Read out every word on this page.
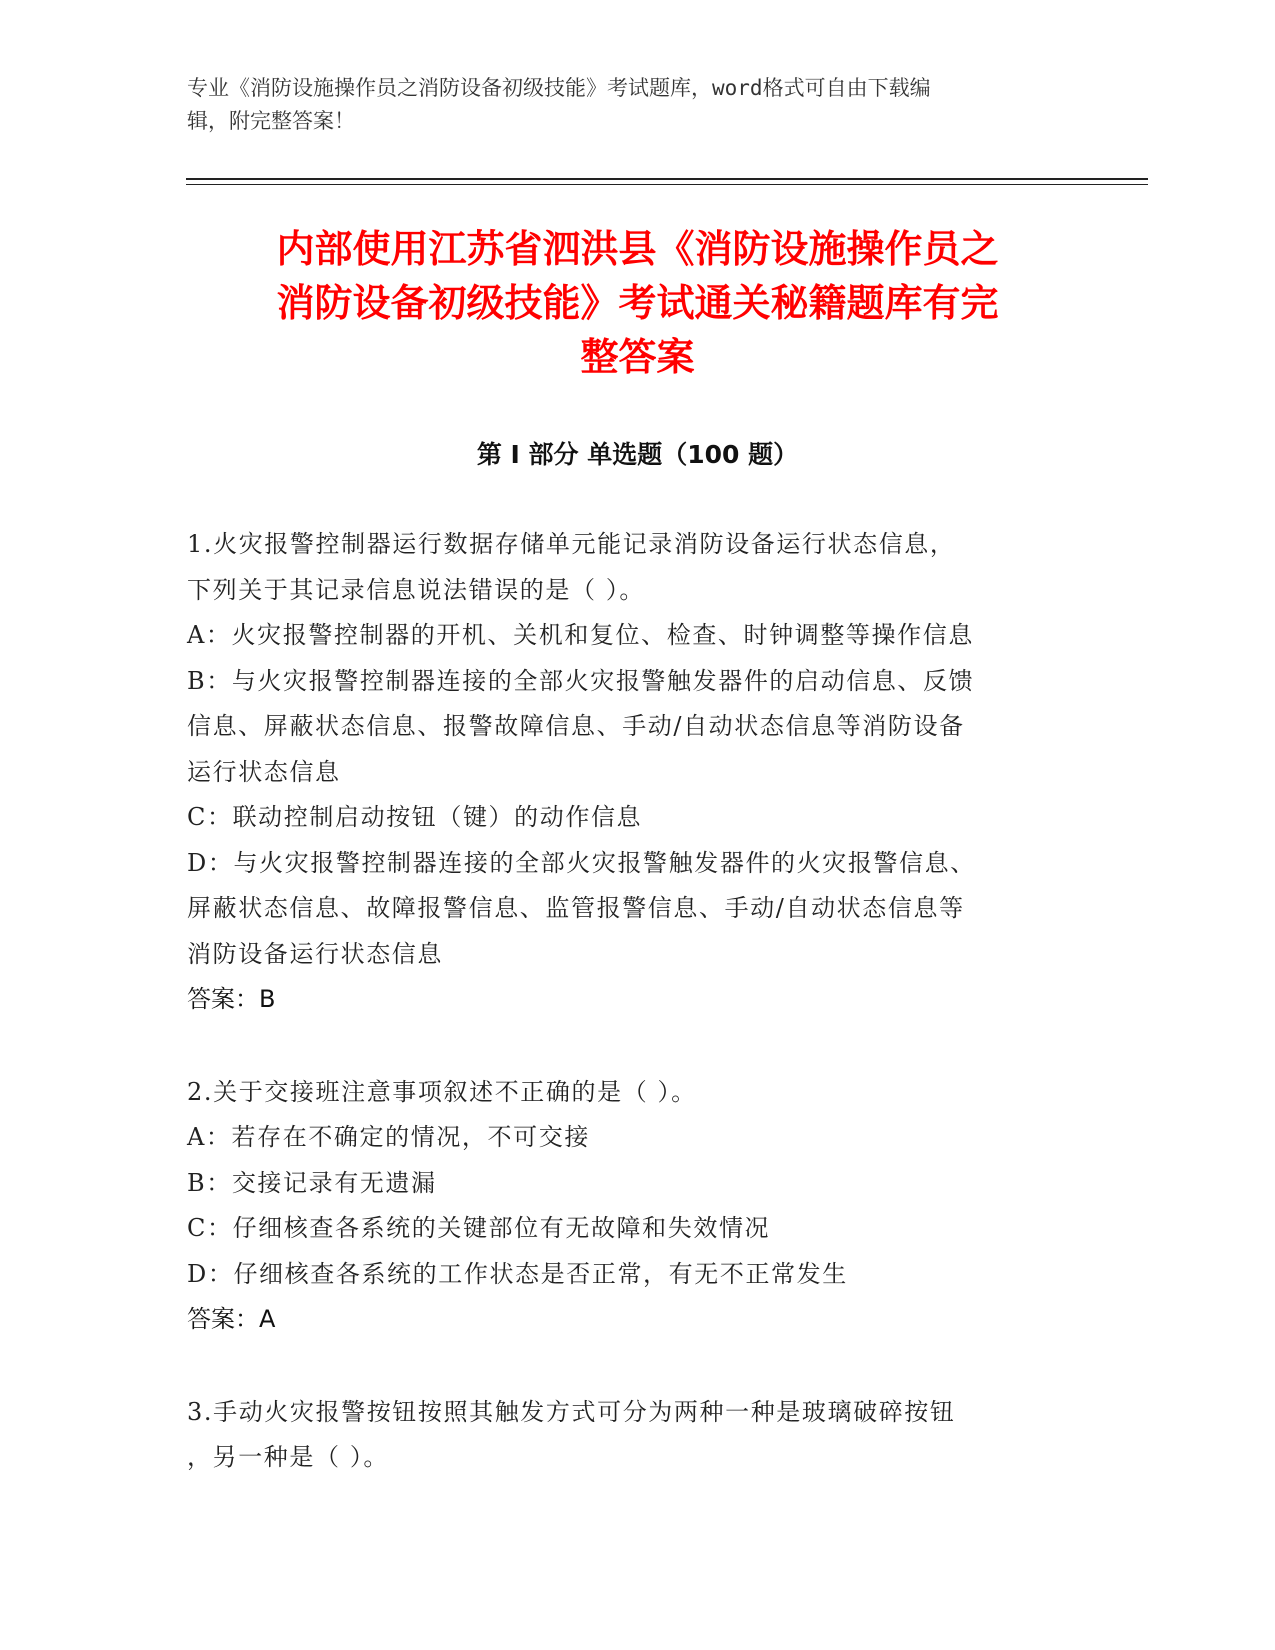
专业《消防设施操作员之消防设备初级技能》考试题库，word格式可自由下载编
辑，附完整答案！
内部使用江苏省泗洪县《消防设施操作员之
消防设备初级技能》考试通关秘籍题库有完
整答案
第 I 部分 单选题（100 题）
1.火灾报警控制器运行数据存储单元能记录消防设备运行状态信息，
下列关于其记录信息说法错误的是（ ）。
A：火灾报警控制器的开机、关机和复位、检查、时钟调整等操作信息
B：与火灾报警控制器连接的全部火灾报警触发器件的启动信息、反馈
信息、屏蔽状态信息、报警故障信息、手动/自动状态信息等消防设备
运行状态信息
C：联动控制启动按钮（键）的动作信息
D：与火灾报警控制器连接的全部火灾报警触发器件的火灾报警信息、
屏蔽状态信息、故障报警信息、监管报警信息、手动/自动状态信息等
消防设备运行状态信息
答案：B
2.关于交接班注意事项叙述不正确的是（ ）。
A：若存在不确定的情况，不可交接
B：交接记录有无遗漏
C：仔细核查各系统的关键部位有无故障和失效情况
D：仔细核查各系统的工作状态是否正常，有无不正常发生
答案：A
3.手动火灾报警按钮按照其触发方式可分为两种一种是玻璃破碎按钮
，另一种是（ ）。
